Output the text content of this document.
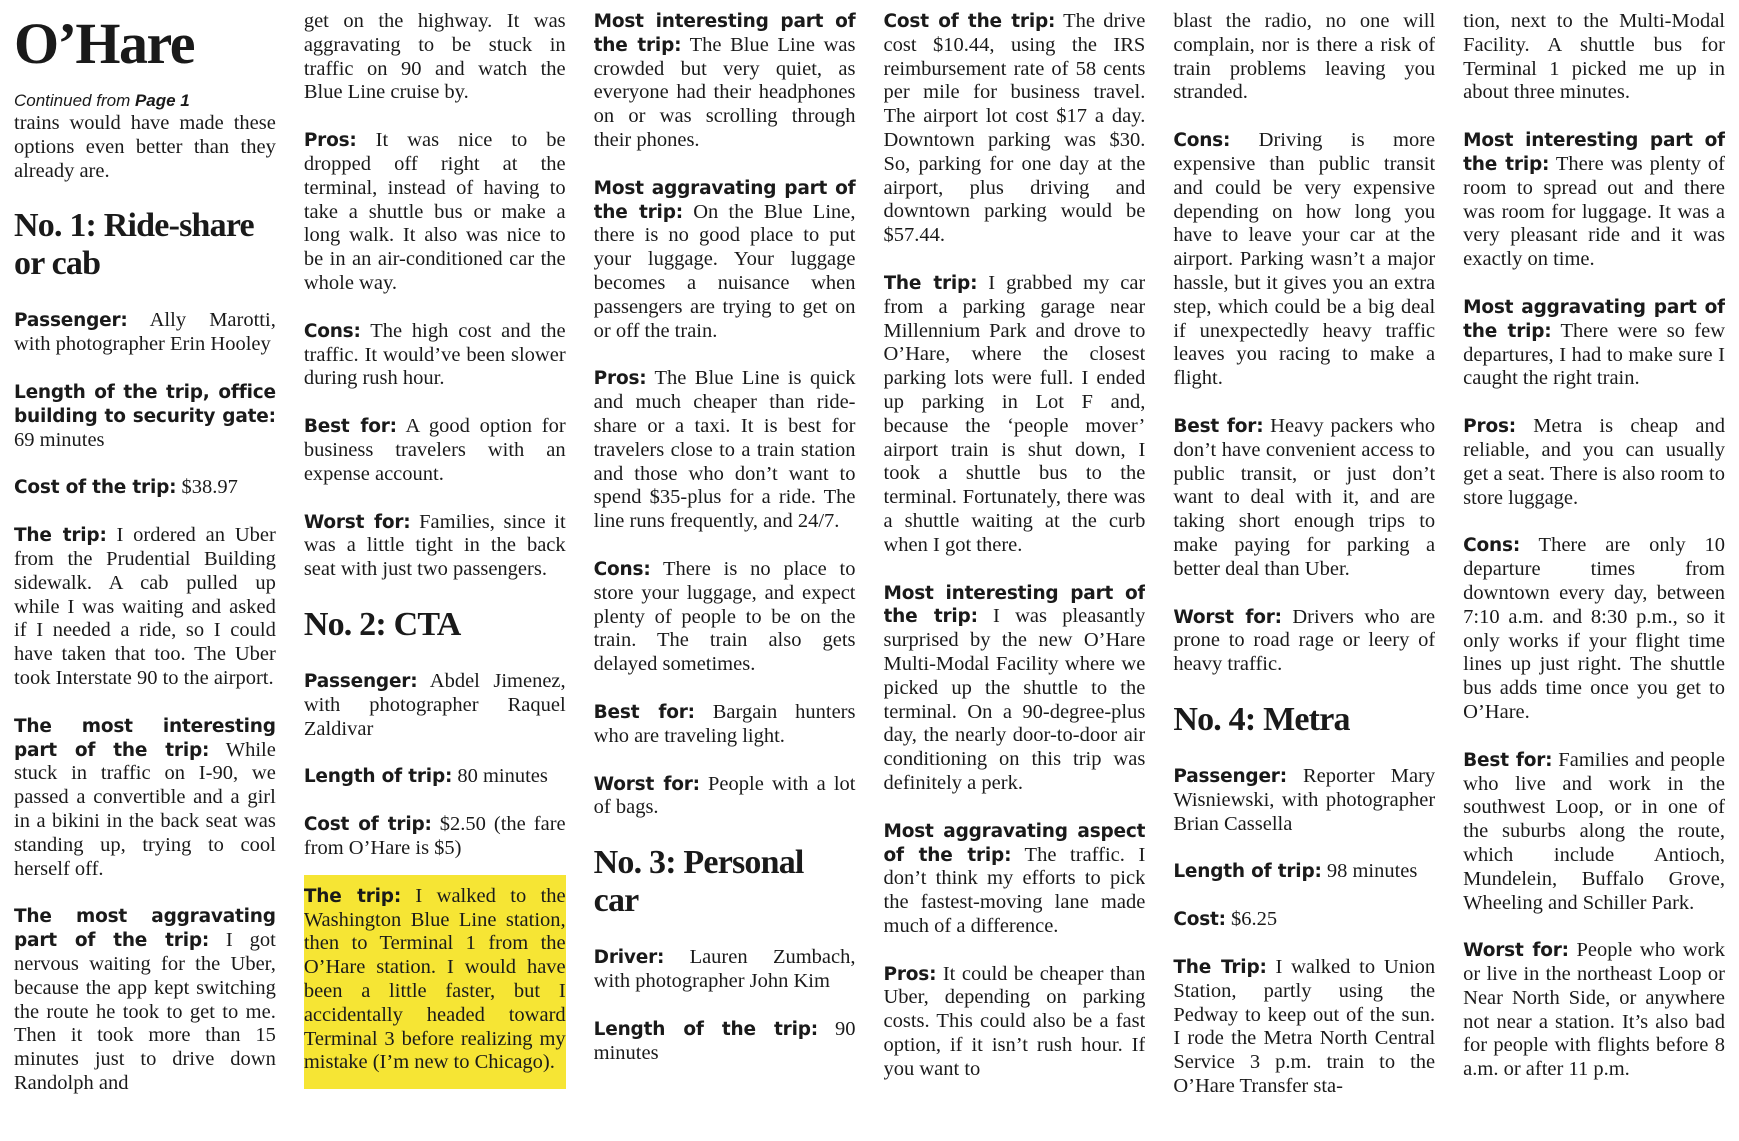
O’Hare
Continued from Page 1

trains would have made these options even better than they already are.

No. 1: Ride-share or cab

Passenger: Ally Marotti, with photographer Erin Hooley

Length of the trip, office building to security gate: 69 minutes

Cost of the trip: $38.97

The trip: I ordered an Uber from the Prudential Building sidewalk. A cab pulled up while I was waiting and asked if I needed a ride, so I could have taken that too. The Uber took Interstate 90 to the airport.

The most interesting part of the trip: While stuck in traffic on I-90, we passed a convertible and a girl in a bikini in the back seat was standing up, trying to cool herself off.

The most aggravating part of the trip: I got nervous waiting for the Uber, because the app kept switching the route he took to get to me. Then it took more than 15 minutes just to drive down Randolph and

get on the highway. It was aggravating to be stuck in traffic on 90 and watch the Blue Line cruise by.

Pros: It was nice to be dropped off right at the terminal, instead of having to take a shuttle bus or make a long walk. It also was nice to be in an air-conditioned car the whole way.

Cons: The high cost and the traffic. It would’ve been slower during rush hour.

Best for: A good option for business travelers with an expense account.

Worst for: Families, since it was a little tight in the back seat with just two passengers.

No. 2: CTA

Passenger: Abdel Jimenez, with photographer Raquel Zaldivar

Length of trip: 80 minutes

Cost of trip: $2.50 (the fare from O’Hare is $5)

The trip: I walked to the Washington Blue Line station, then to Terminal 1 from the O’Hare station. I would have been a little faster, but I accidentally headed toward Terminal 3 before realizing my mistake (I’m new to Chicago).

Most interesting part of the trip: The Blue Line was crowded but very quiet, as everyone had their headphones on or was scrolling through their phones.

Most aggravating part of the trip: On the Blue Line, there is no good place to put your luggage. Your luggage becomes a nuisance when passengers are trying to get on or off the train.

Pros: The Blue Line is quick and much cheaper than ride-share or a taxi. It is best for travelers close to a train station and those who don’t want to spend $35-plus for a ride. The line runs frequently, and 24/7.

Cons: There is no place to store your luggage, and expect plenty of people to be on the train. The train also gets delayed sometimes.

Best for: Bargain hunters who are traveling light.

Worst for: People with a lot of bags.

No. 3: Personal car

Driver: Lauren Zumbach, with photographer John Kim

Length of the trip: 90 minutes

Cost of the trip: The drive cost $10.44, using the IRS reimbursement rate of 58 cents per mile for business travel. The airport lot cost $17 a day. Downtown parking was $30. So, parking for one day at the airport, plus driving and downtown parking would be $57.44.

The trip: I grabbed my car from a parking garage near Millennium Park and drove to O’Hare, where the closest parking lots were full. I ended up parking in Lot F and, because the ‘people mover’ airport train is shut down, I took a shuttle bus to the terminal. Fortunately, there was a shuttle waiting at the curb when I got there.

Most interesting part of the trip: I was pleasantly surprised by the new O’Hare Multi-Modal Facility where we picked up the shuttle to the terminal. On a 90-degree-plus day, the nearly door-to-door air conditioning on this trip was definitely a perk.

Most aggravating aspect of the trip: The traffic. I don’t think my efforts to pick the fastest-moving lane made much of a difference.

Pros: It could be cheaper than Uber, depending on parking costs. This could also be a fast option, if it isn’t rush hour. If you want to

blast the radio, no one will complain, nor is there a risk of train problems leaving you stranded.

Cons: Driving is more expensive than public transit and could be very expensive depending on how long you have to leave your car at the airport. Parking wasn’t a major hassle, but it gives you an extra step, which could be a big deal if unexpectedly heavy traffic leaves you racing to make a flight.

Best for: Heavy packers who don’t have convenient access to public transit, or just don’t want to deal with it, and are taking short enough trips to make paying for parking a better deal than Uber.

Worst for: Drivers who are prone to road rage or leery of heavy traffic.

No. 4: Metra

Passenger: Reporter Mary Wisniewski, with photographer Brian Cassella

Length of trip: 98 minutes

Cost: $6.25

The Trip: I walked to Union Station, partly using the Pedway to keep out of the sun. I rode the Metra North Central Service 3 p.m. train to the O’Hare Transfer sta-

tion, next to the Multi-Modal Facility. A shuttle bus for Terminal 1 picked me up in about three minutes.

Most interesting part of the trip: There was plenty of room to spread out and there was room for luggage. It was a very pleasant ride and it was exactly on time.

Most aggravating part of the trip: There were so few departures, I had to make sure I caught the right train.

Pros: Metra is cheap and reliable, and you can usually get a seat. There is also room to store luggage.

Cons: There are only 10 departure times from downtown every day, between 7:10 a.m. and 8:30 p.m., so it only works if your flight time lines up just right. The shuttle bus adds time once you get to O’Hare.

Best for: Families and people who live and work in the southwest Loop, or in one of the suburbs along the route, which include Antioch, Mundelein, Buffalo Grove, Wheeling and Schiller Park.

Worst for: People who work or live in the northeast Loop or Near North Side, or anywhere not near a station. It’s also bad for people with flights before 8 a.m. or after 11 p.m.
